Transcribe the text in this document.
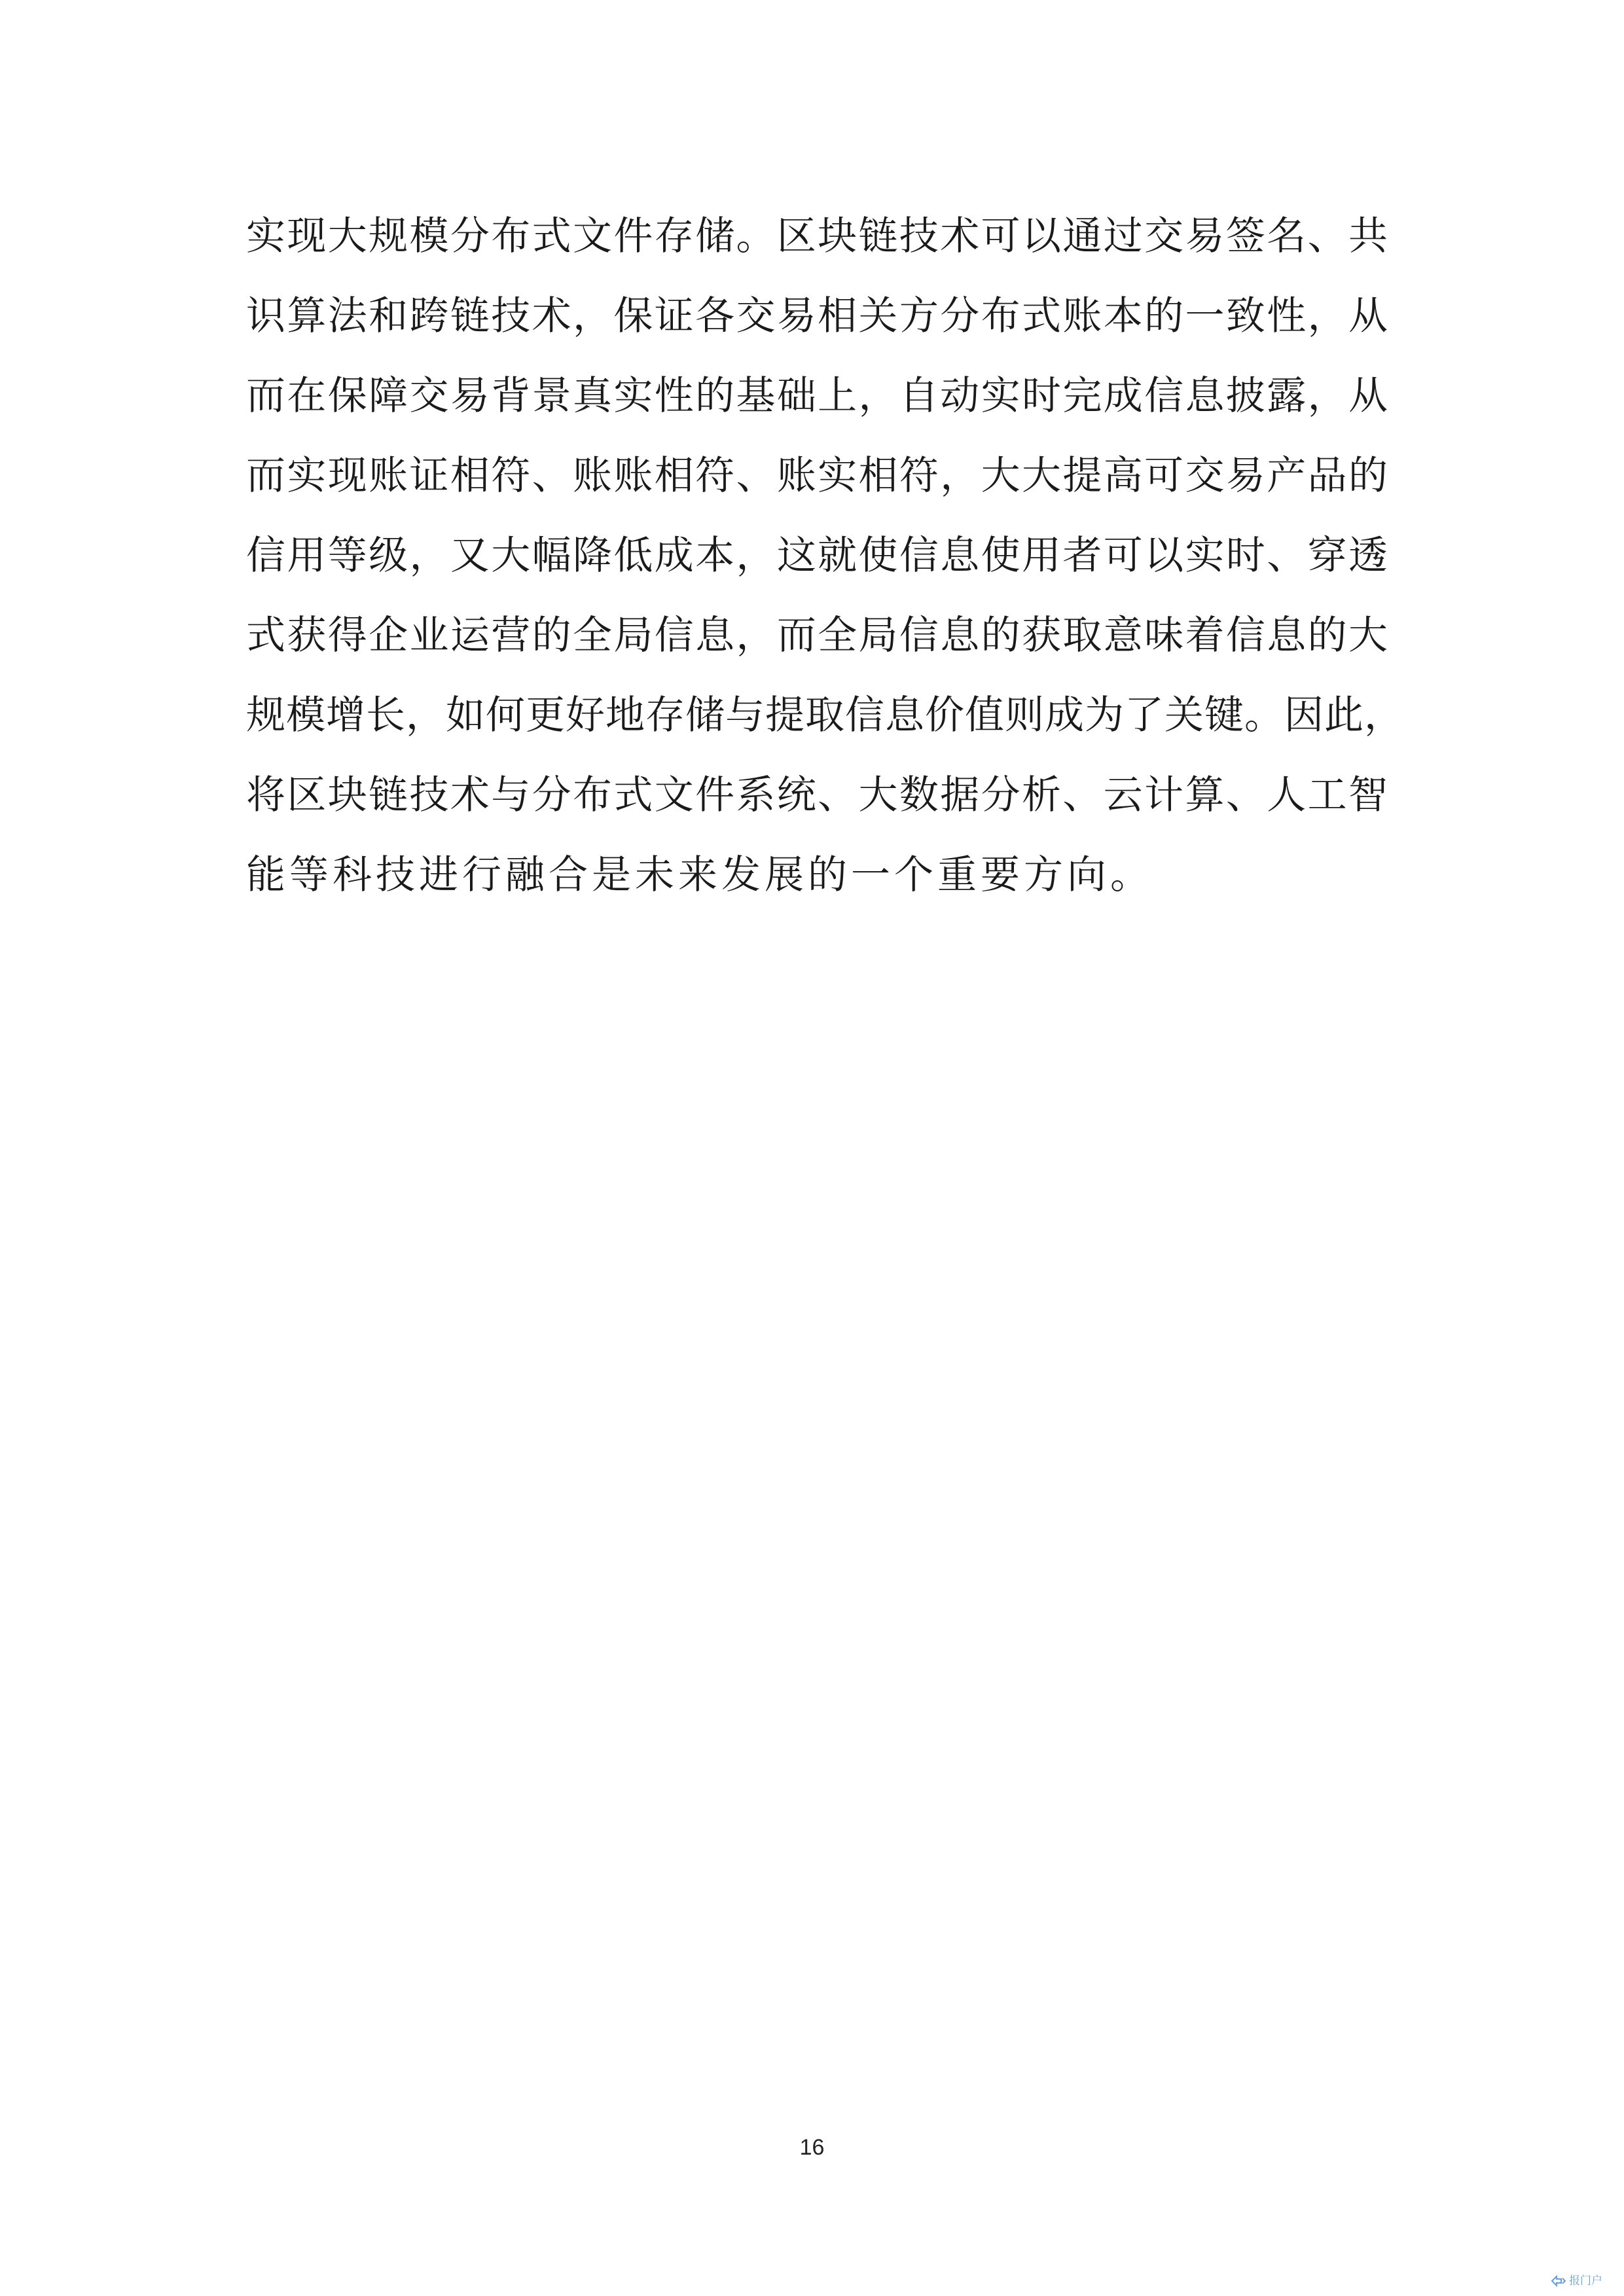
实现大规模分布式文件存储。区块链技术可以通过交易签名、共
识算法和跨链技术，保证各交易相关方分布式账本的一致性，从
而在保障交易背景真实性的基础上，自动实时完成信息披露，从
而实现账证相符、账账相符、账实相符，大大提高可交易产品的
信用等级，又大幅降低成本，这就使信息使用者可以实时、穿透
式获得企业运营的全局信息，而全局信息的获取意味着信息的大
规模增长，如何更好地存储与提取信息价值则成为了关键。因此，
将区块链技术与分布式文件系统、大数据分析、云计算、人工智
能等科技进行融合是未来发展的一个重要方向。
16
报门户
